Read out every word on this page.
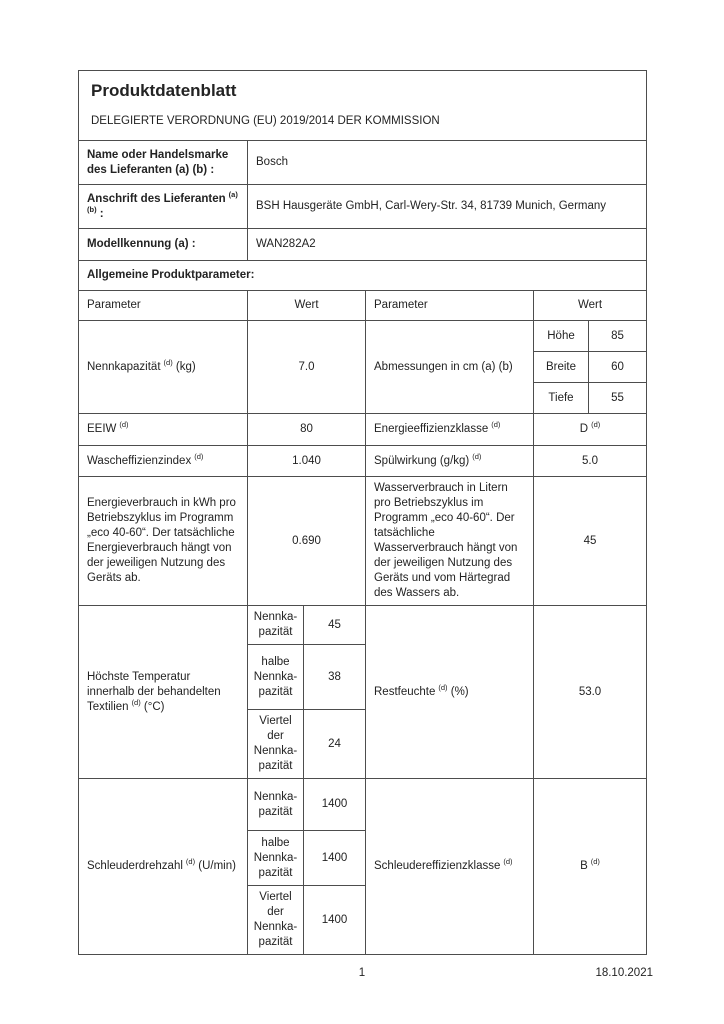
Produktdatenblatt
DELEGIERTE VERORDNUNG (EU) 2019/2014 DER KOMMISSION					

Name oder Handelsmarke des Lieferanten (a) (b) :	Bosch				
Anschrift des Lieferanten $^{(a) (b)}$ :	BSH Hausgeräte GmbH, Carl-Wery-Str. 34, 81739 Munich, Germany				
Modellkennung (a) :	WAN282A2				
Allgemeine Produktparameter:					
Parameter	Wert		Parameter	Wert	
Nennkapazität $^{(d)}$ (kg)	7.0		Abmessungen in cm (a) (b)	Höhe	85
				Breite	60
				Tiefe	55
EEIW $^{(d)}$	80		Energieeffizienzklasse $^{(d)}$	D $^{(d)}$
Wascheffizienzindex $^{(d)}$	1.040		Spülwirkung (g/kg) $^{(d)}$	5.0	
Energieverbrauch in kWh pro Betriebszyklus im Programm „eco 40-60“. Der tatsächliche Energieverbrauch hängt von der jeweiligen Nutzung des Geräts ab.	0.690		Wasserverbrauch in Litern pro Betriebszyklus im Programm „eco 40-60“. Der tatsächliche Wasserverbrauch hängt von der jeweiligen Nutzung des Geräts und vom Härtegrad des Wassers ab.	45	
Höchste Temperatur innerhalb der behandelten Textilien $^{(d)}$ (°C)	Nennka-pazität	45	Restfeuchte $^{(d)}$ (%)	53.0	
	halbe Nennka-pazität	38			
	Viertel der Nennka-pazität	24			
Schleuderdrehzahl $^{(d)}$ (U/min)	Nennka-pazität	1400	Schleudereffizienzklasse $^{(d)}$	B $^{(d)}$
	halbe Nennka-pazität	1400			
	Viertel der Nennka-pazität	1400			
1	18.10.2021
